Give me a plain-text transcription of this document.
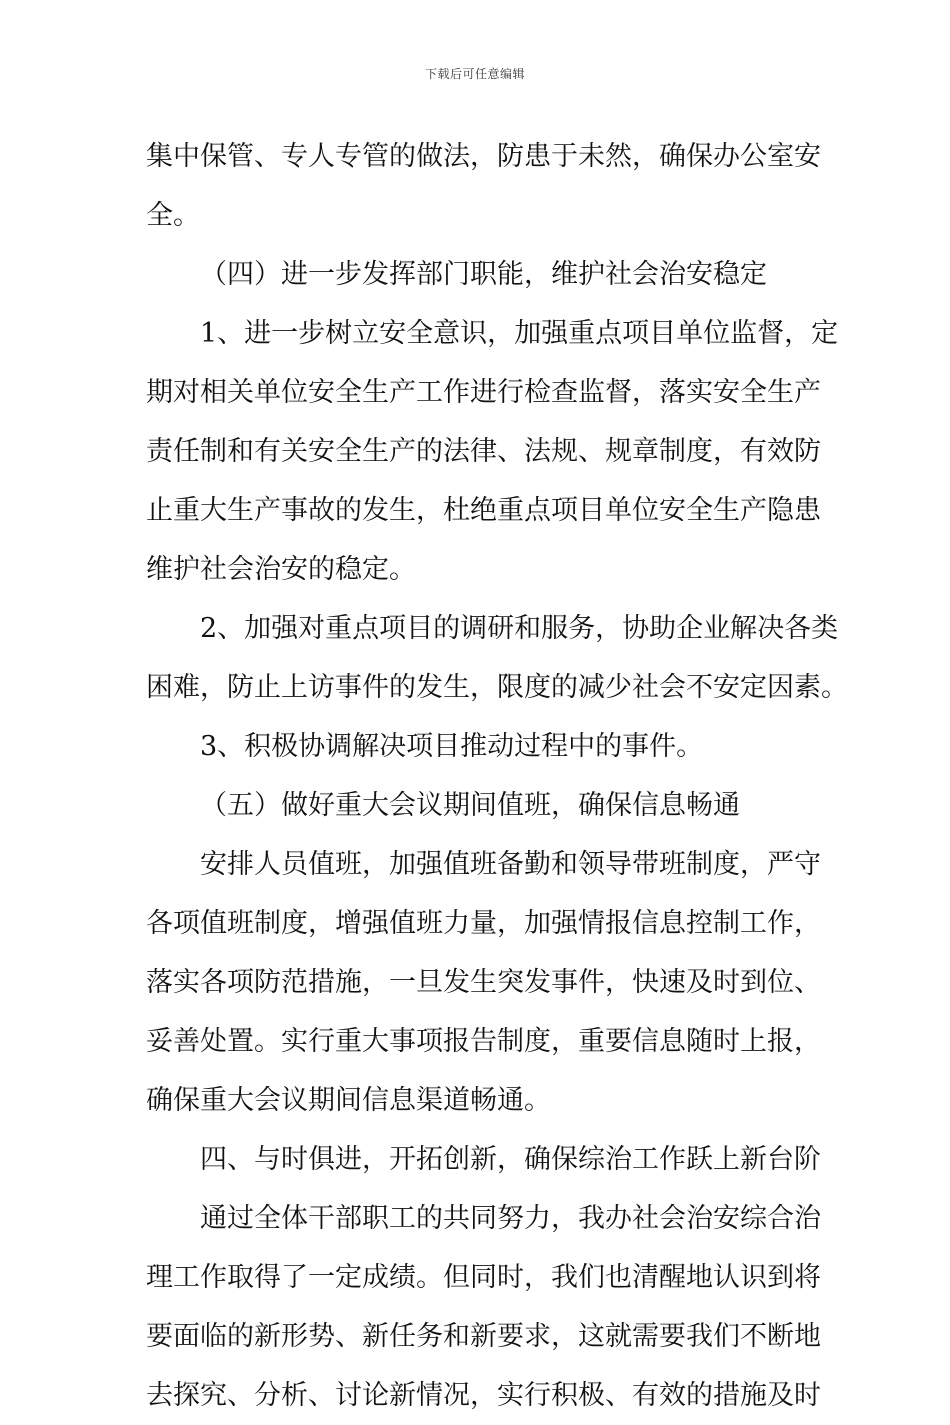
下载后可任意编辑
集中保管、专人专管的做法，防患于未然，确保办公室安
全。
（四）进一步发挥部门职能，维护社会治安稳定
1、进一步树立安全意识，加强重点项目单位监督，定
期对相关单位安全生产工作进行检查监督，落实安全生产
责任制和有关安全生产的法律、法规、规章制度，有效防
止重大生产事故的发生，杜绝重点项目单位安全生产隐患
维护社会治安的稳定。
2、加强对重点项目的调研和服务，协助企业解决各类
困难，防止上访事件的发生，限度的减少社会不安定因素。
3、积极协调解决项目推动过程中的事件。
（五）做好重大会议期间值班，确保信息畅通
安排人员值班，加强值班备勤和领导带班制度，严守
各项值班制度，增强值班力量，加强情报信息控制工作，
落实各项防范措施，一旦发生突发事件，快速及时到位、
妥善处置。实行重大事项报告制度，重要信息随时上报，
确保重大会议期间信息渠道畅通。
四、与时俱进，开拓创新，确保综治工作跃上新台阶
通过全体干部职工的共同努力，我办社会治安综合治
理工作取得了一定成绩。但同时，我们也清醒地认识到将
要面临的新形势、新任务和新要求，这就需要我们不断地
去探究、分析、讨论新情况，实行积极、有效的措施及时
